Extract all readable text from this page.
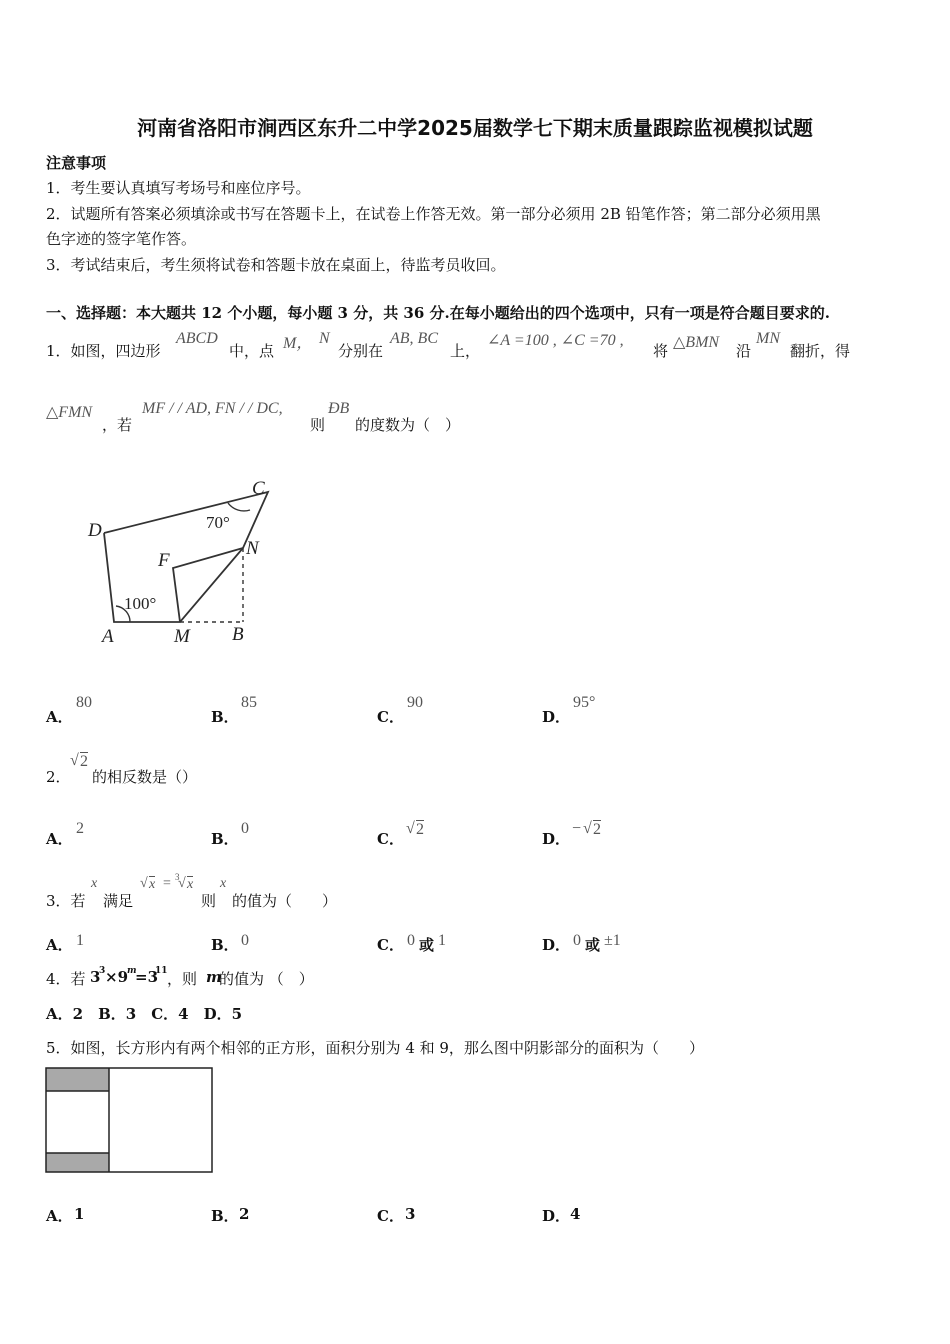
河南省洛阳市涧西区东升二中学2025届数学七下期末质量跟踪监视模拟试题
注意事项
1．考生要认真填写考场号和座位序号。
2．试题所有答案必须填涂或书写在答题卡上，在试卷上作答无效。第一部分必须用 2B 铅笔作答；第二部分必须用黑
色字迹的签字笔作答。
3．考试结束后，考生须将试卷和答题卡放在桌面上，待监考员收回。
一、选择题：本大题共 12 个小题，每小题 3 分，共 36 分.在每小题给出的四个选项中，只有一项是符合题目要求的.
1．如图，四边形
ABCD
中，点 M， N
分别在
AB, BC
上，
∠A =100 , ∠C =70 ,
将 △BMN 沿
MN
翻折，得
△FMN
，若
MF / / AD, FN / / DC,
则
ÐB
的度数为（　）
C
D
F
N
A	M B
70°
100°
A．
80
B．
85
C．
90
D．
95°
2．
√ 2
的相反数是（）
A．
2
B．
0
C．
√ 2
D．
− √ 2
3．若
x
满足
√ x = 3
√ x
则
x
的值为（　　）
A． 1	B． 0	C． 0 或 1	D． 0 或 ±1
4．若 3
3 ×9
m
=3
11 ，则 m
的值为 （　）
A．2　B．3　C．4　D．5
5．如图，长方形内有两个相邻的正方形，面积分别为 4 和 9，那么图中阴影部分的面积为（　　）
A． 1	B． 2	C． 3	D． 4
